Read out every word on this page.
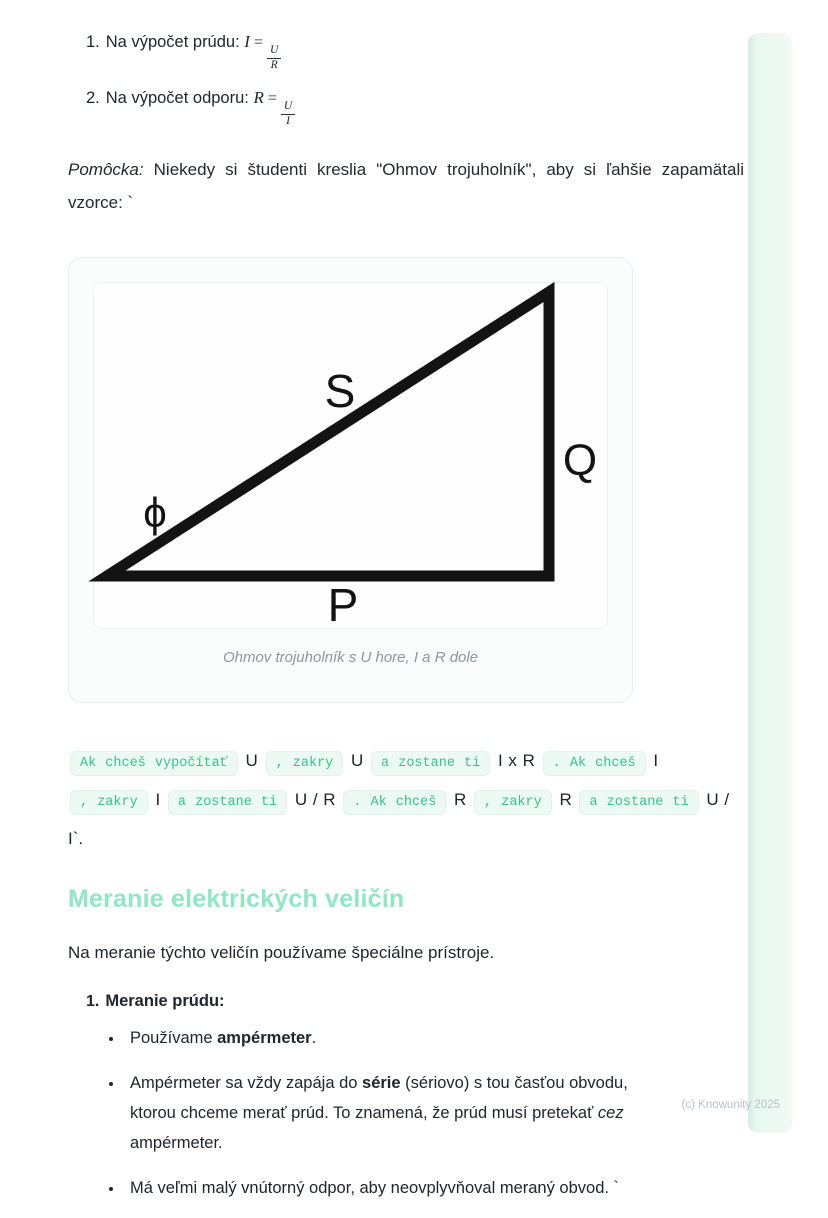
1. Na výpočet prúdu: I =
$\frac{U}{R}$
2. Na výpočet odporu: R =
$\frac{U}{I}$

Pomôcka: Niekedy si študenti kreslia "Ohmov trojuholník", aby si ľahšie zapamätali vzorce: `

S
Q
P
ϕ
Ohmov trojuholník s U hore, I a R dole

Ak chceš vypočítať U , zakry U a zostane ti I x R . Ak chceš I , zakry I a zostane ti U / R . Ak chceš R , zakry R a zostane ti U / I`.

Meranie elektrických veličín

Na meranie týchto veličín používame špeciálne prístroje.

1. Meranie prúdu:
• Používame ampérmeter.
• Ampérmeter sa vždy zapája do série (sériovo) s tou časťou obvodu, ktorou chceme merať prúd. To znamená, že prúd musí pretekať cez ampérmeter.
• Má veľmi malý vnútorný odpor, aby neovplyvňoval meraný obvod. `
(c) Knowunity 2025
